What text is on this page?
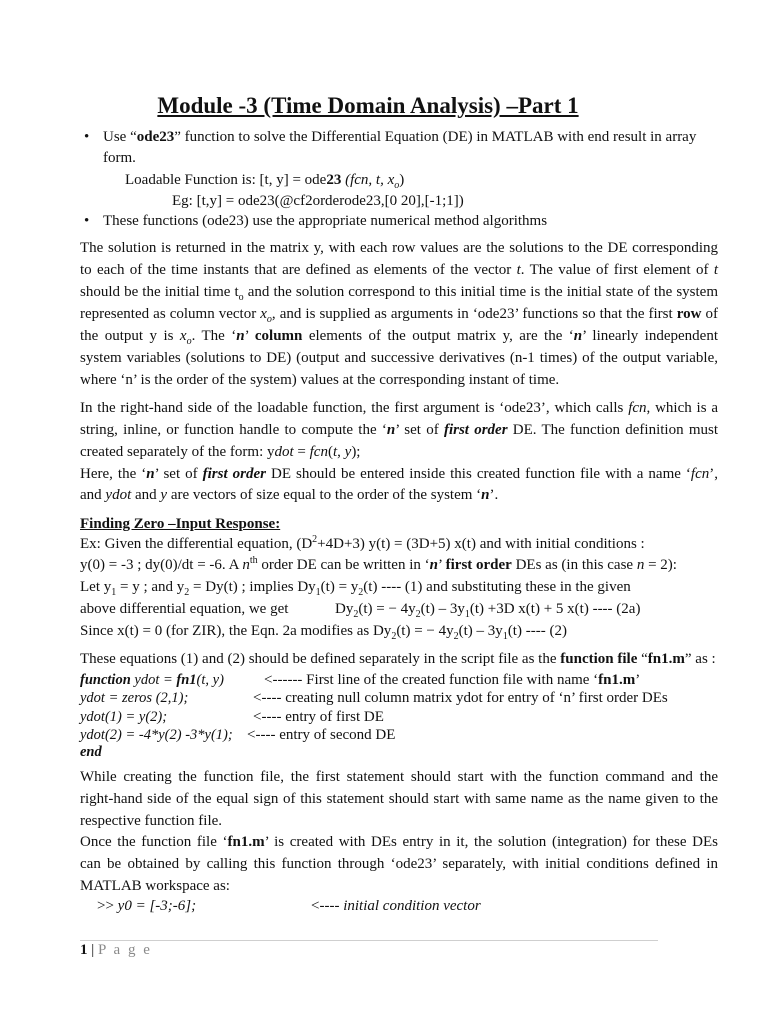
Module -3 (Time Domain Analysis) –Part 1
• Use “ode23” function to solve the Differential Equation (DE) in MATLAB with end result in array
form.
Loadable Function is: [t, y] = ode23 (fcn, t, $x_o$)
Eg: [t,y] = ode23(@cf2orderode23,[0 20],[-1;1])
• These functions (ode23) use the appropriate numerical method algorithms
The solution is returned in the matrix y, with each row values are the solutions to the DE corresponding
to each of the time instants that are defined as elements of the vector t. The value of first element of t
should be the initial time $t_o$ and the solution correspond to this initial time is the initial state of the system
represented as column vector $x_o$, and is supplied as arguments in ‘ode23’ functions so that the first row of
the output y is $x_o$. The ‘n’ column elements of the output matrix y, are the ‘n’ linearly independent
system variables (solutions to DE) (output and successive derivatives (n-1 times) of the output variable,
where ‘n’ is the order of the system) values at the corresponding instant of time.
In the right-hand side of the loadable function, the first argument is ‘ode23’, which calls fcn, which is a
string, inline, or function handle to compute the ‘n’ set of first order DE. The function definition must
created separately of the form: ydot = fcn(t, y);
Here, the ‘n’ set of first order DE should be entered inside this created function file with a name ‘fcn’,
and ydot and y are vectors of size equal to the order of the system ‘n’.
Finding Zero –Input Response:
Ex: Given the differential equation, $(D^2+4D+3) y(t) = (3D+5)$ x(t) and with initial conditions :
y(0) = -3 ; dy(0)/dt = -6. A $n^{th}$ order DE can be written in ‘n’ first order DEs as (in this case n = 2):
Let $y_1 = y$ ; and $y_2 = Dy(t)$ ; implies $Dy_1(t) = y_2(t)$ ---- (1) and substituting these in the given
above differential equation, we get	$Dy_2(t)$ = − $4y_2(t) - 3y_1(t) +3D$ x(t) + 5 x(t) ---- (2a)
Since x(t) = 0 (for ZIR), the Eqn. 2a modifies as $Dy_2(t)$ = − $4y_2(t) - 3y_1(t)$ ---- (2)
These equations (1) and (2) should be defined separately in the script file as the function file “fn1.m” as :
function ydot = fn1(t, y)	<------ First line of the created function file with name ‘fn1.m’
ydot = zeros (2,1);	<---- creating null column matrix ydot for entry of ‘n’ first order DEs
ydot(1) = y(2);	<---- entry of first DE
ydot(2) = -4*y(2) -3*y(1); <---- entry of second DE
end
While creating the function file, the first statement should start with the function command and the
right-hand side of the equal sign of this statement should start with same name as the name given to the
respective function file.
Once the function file ‘fn1.m’ is created with DEs entry in it, the solution (integration) for these DEs
can be obtained by calling this function through ‘ode23’ separately, with initial conditions defined in
MATLAB workspace as:
>> y0 = [-3;-6];	<---- initial condition vector
1 | P a g e
